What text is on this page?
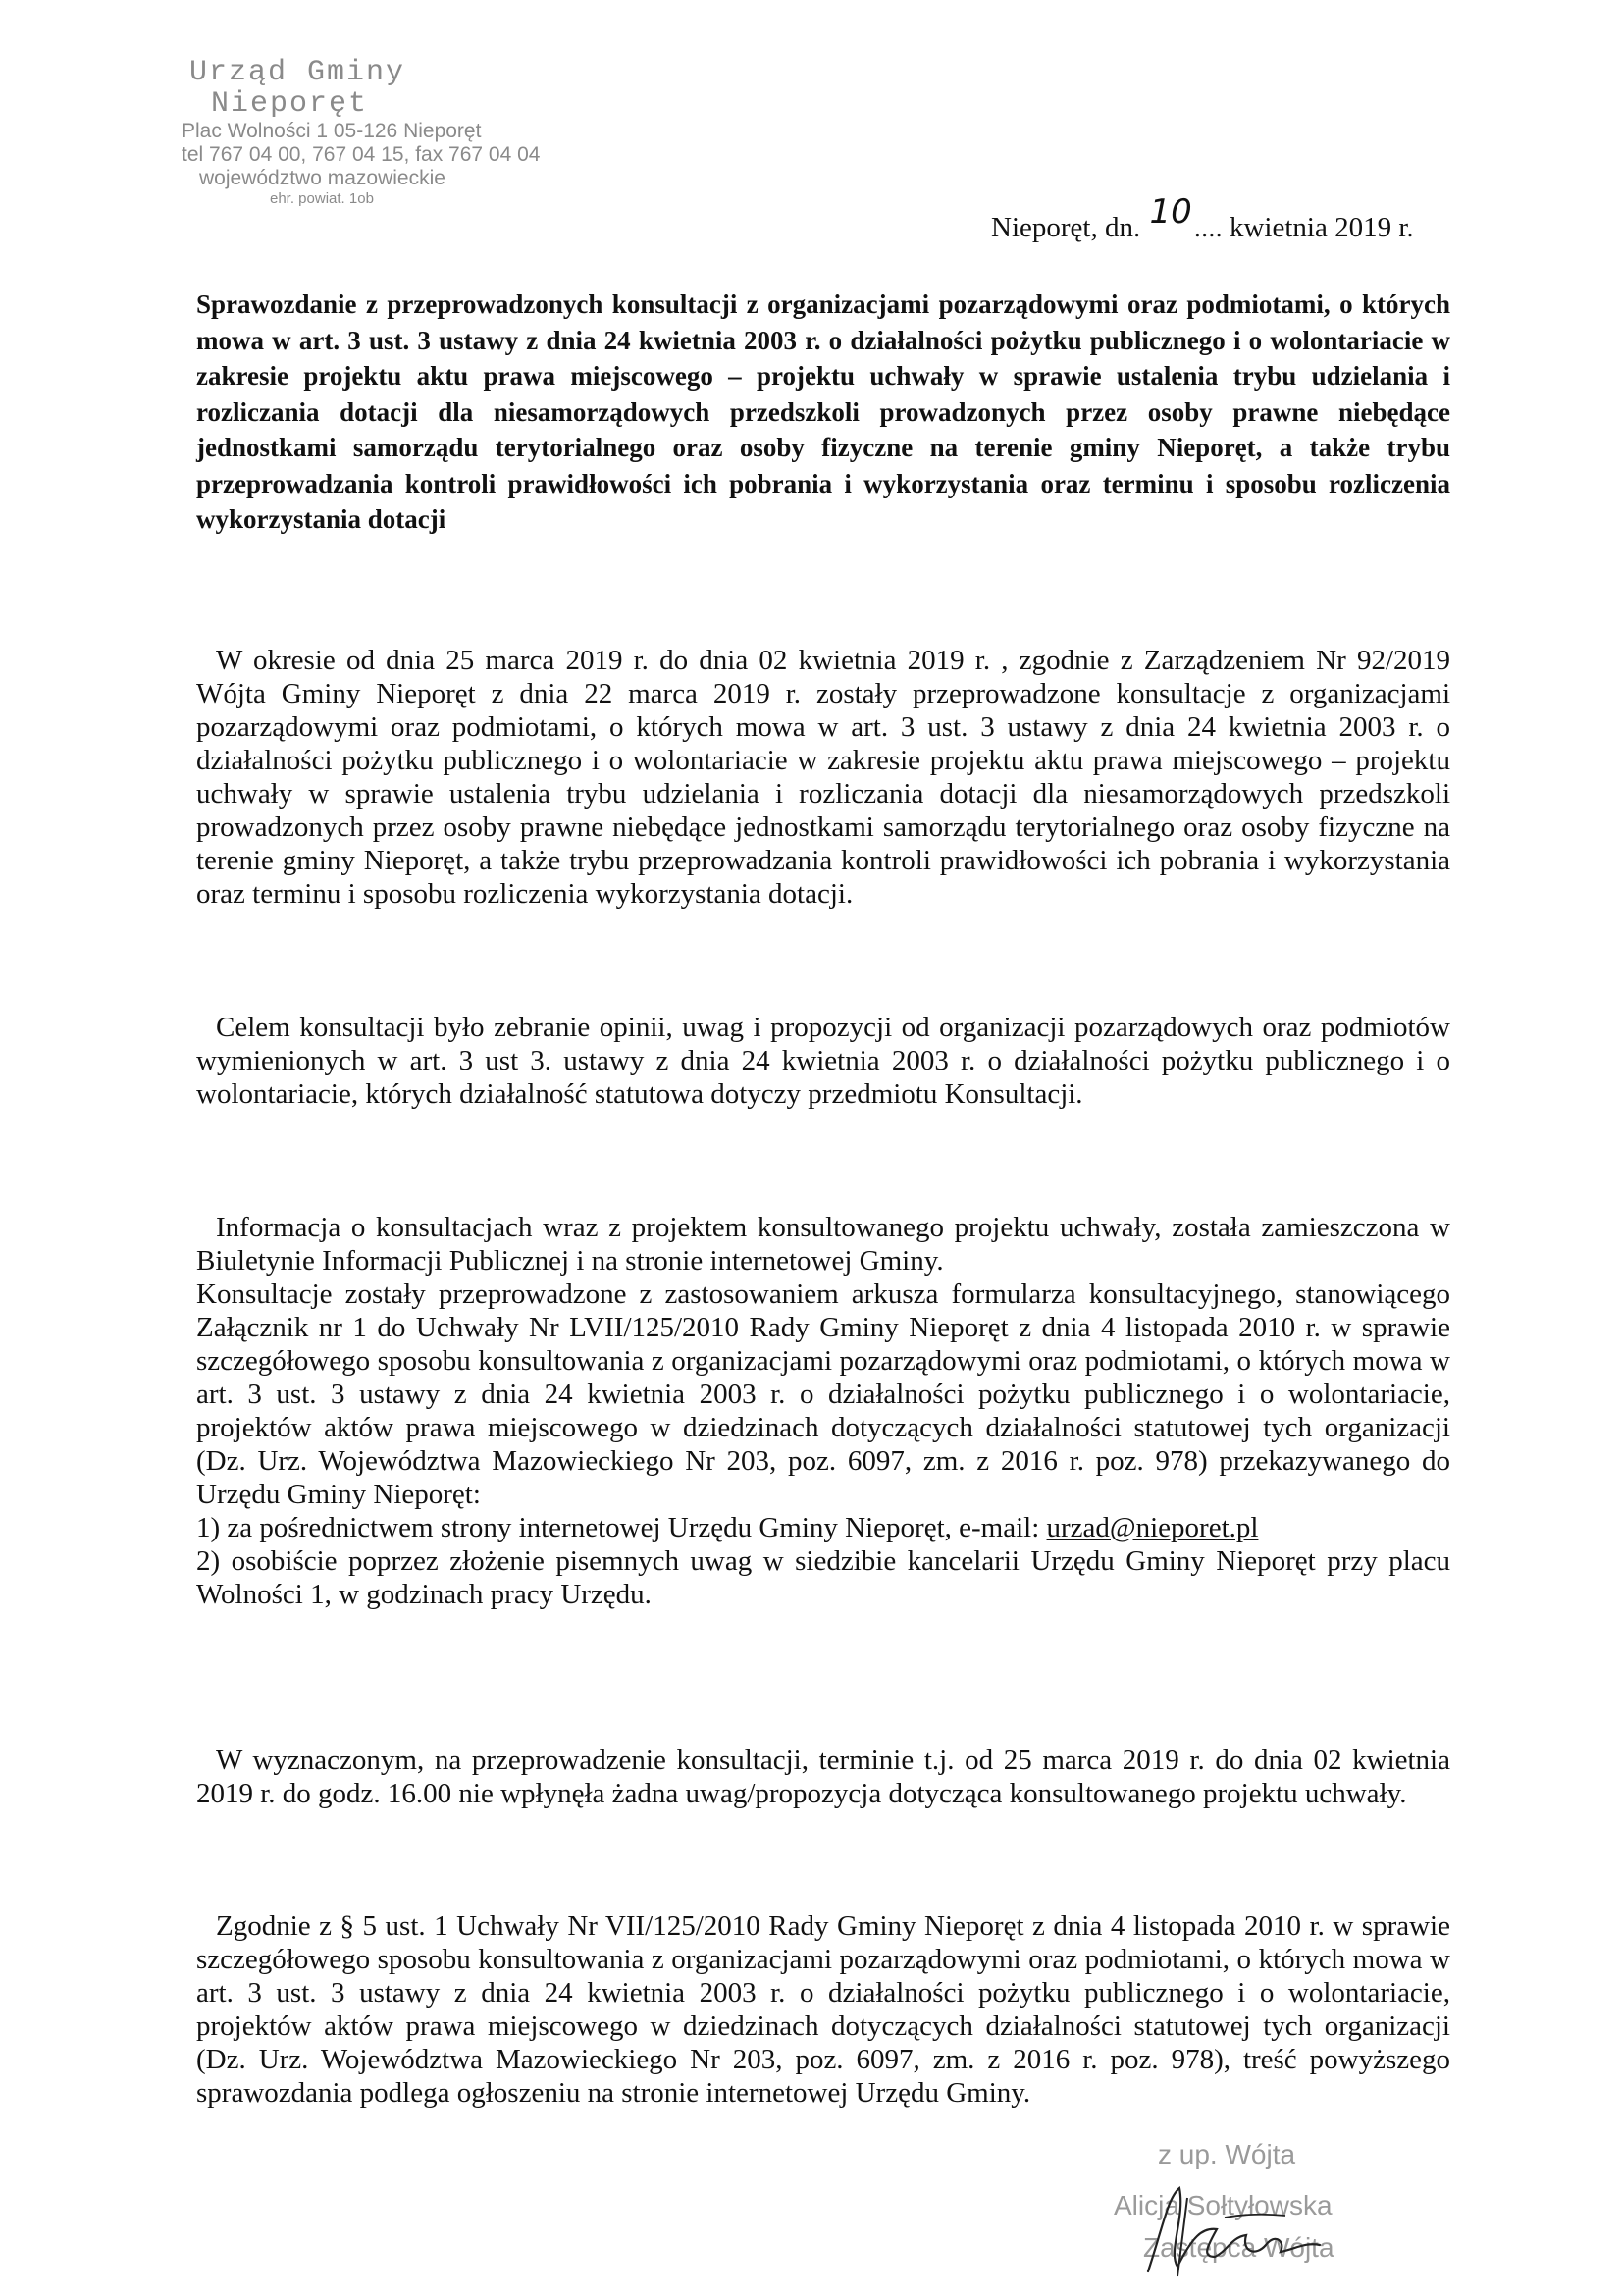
Urząd Gminy
Nieporęt
Plac Wolności 1 05-126 Nieporęt
tel 767 04 00, 767 04 15, fax 767 04 04
województwo mazowieckie
ehr. powiat. 1ob
Nieporęt, dn. 10.... kwietnia 2019 r.
Sprawozdanie z przeprowadzonych konsultacji z organizacjami pozarządowymi oraz podmiotami, o których mowa w art. 3 ust. 3 ustawy z dnia 24 kwietnia 2003 r. o działalności pożytku publicznego i o wolontariacie w zakresie projektu aktu prawa miejscowego – projektu uchwały w sprawie ustalenia trybu udzielania i rozliczania dotacji dla niesamorządowych przedszkoli prowadzonych przez osoby prawne niebędące jednostkami samorządu terytorialnego oraz osoby fizyczne na terenie gminy Nieporęt, a także trybu przeprowadzania kontroli prawidłowości ich pobrania i wykorzystania oraz terminu i sposobu rozliczenia wykorzystania dotacji

W okresie od dnia 25 marca 2019 r. do dnia 02 kwietnia 2019 r. , zgodnie z Zarządzeniem Nr 92/2019 Wójta Gminy Nieporęt z dnia 22 marca 2019 r. zostały przeprowadzone konsultacje z organizacjami pozarządowymi oraz podmiotami, o których mowa w art. 3 ust. 3 ustawy z dnia 24 kwietnia 2003 r. o działalności pożytku publicznego i o wolontariacie w zakresie projektu aktu prawa miejscowego – projektu uchwały w sprawie ustalenia trybu udzielania i rozliczania dotacji dla niesamorządowych przedszkoli prowadzonych przez osoby prawne niebędące jednostkami samorządu terytorialnego oraz osoby fizyczne na terenie gminy Nieporęt, a także trybu przeprowadzania kontroli prawidłowości ich pobrania i wykorzystania oraz terminu i sposobu rozliczenia wykorzystania dotacji.

Celem konsultacji było zebranie opinii, uwag i propozycji od organizacji pozarządowych oraz podmiotów wymienionych w art. 3 ust 3. ustawy z dnia 24 kwietnia 2003 r. o działalności pożytku publicznego i o wolontariacie, których działalność statutowa dotyczy przedmiotu Konsultacji.

Informacja o konsultacjach wraz z projektem konsultowanego projektu uchwały, została zamieszczona w Biuletynie Informacji Publicznej i na stronie internetowej Gminy.

Konsultacje zostały przeprowadzone z zastosowaniem arkusza formularza konsultacyjnego, stanowiącego Załącznik nr 1 do Uchwały Nr LVII/125/2010 Rady Gminy Nieporęt z dnia 4 listopada 2010 r. w sprawie szczegółowego sposobu konsultowania z organizacjami pozarządowymi oraz podmiotami, o których mowa w art. 3 ust. 3 ustawy z dnia 24 kwietnia 2003 r. o działalności pożytku publicznego i o wolontariacie, projektów aktów prawa miejscowego w dziedzinach dotyczących działalności statutowej tych organizacji (Dz. Urz. Województwa Mazowieckiego Nr 203, poz. 6097, zm. z 2016 r. poz. 978) przekazywanego do Urzędu Gminy Nieporęt:

1) za pośrednictwem strony internetowej Urzędu Gminy Nieporęt, e-mail: urzad@nieporet.pl

2) osobiście poprzez złożenie pisemnych uwag w siedzibie kancelarii Urzędu Gminy Nieporęt przy placu Wolności 1, w godzinach pracy Urzędu.

W wyznaczonym, na przeprowadzenie konsultacji, terminie t.j. od 25 marca 2019 r. do dnia 02 kwietnia 2019 r. do godz. 16.00 nie wpłynęła żadna uwag/propozycja dotycząca konsultowanego projektu uchwały.

Zgodnie z § 5 ust. 1 Uchwały Nr VII/125/2010 Rady Gminy Nieporęt z dnia 4 listopada 2010 r. w sprawie szczegółowego sposobu konsultowania z organizacjami pozarządowymi oraz podmiotami, o których mowa w art. 3 ust. 3 ustawy z dnia 24 kwietnia 2003 r. o działalności pożytku publicznego i o wolontariacie, projektów aktów prawa miejscowego w dziedzinach dotyczących działalności statutowej tych organizacji (Dz. Urz. Województwa Mazowieckiego Nr 203, poz. 6097, zm. z 2016 r. poz. 978), treść powyższego sprawozdania podlega ogłoszeniu na stronie internetowej Urzędu Gminy.

z up. Wójta
Alicja Sołtyłowska
Zastępca Wójta
